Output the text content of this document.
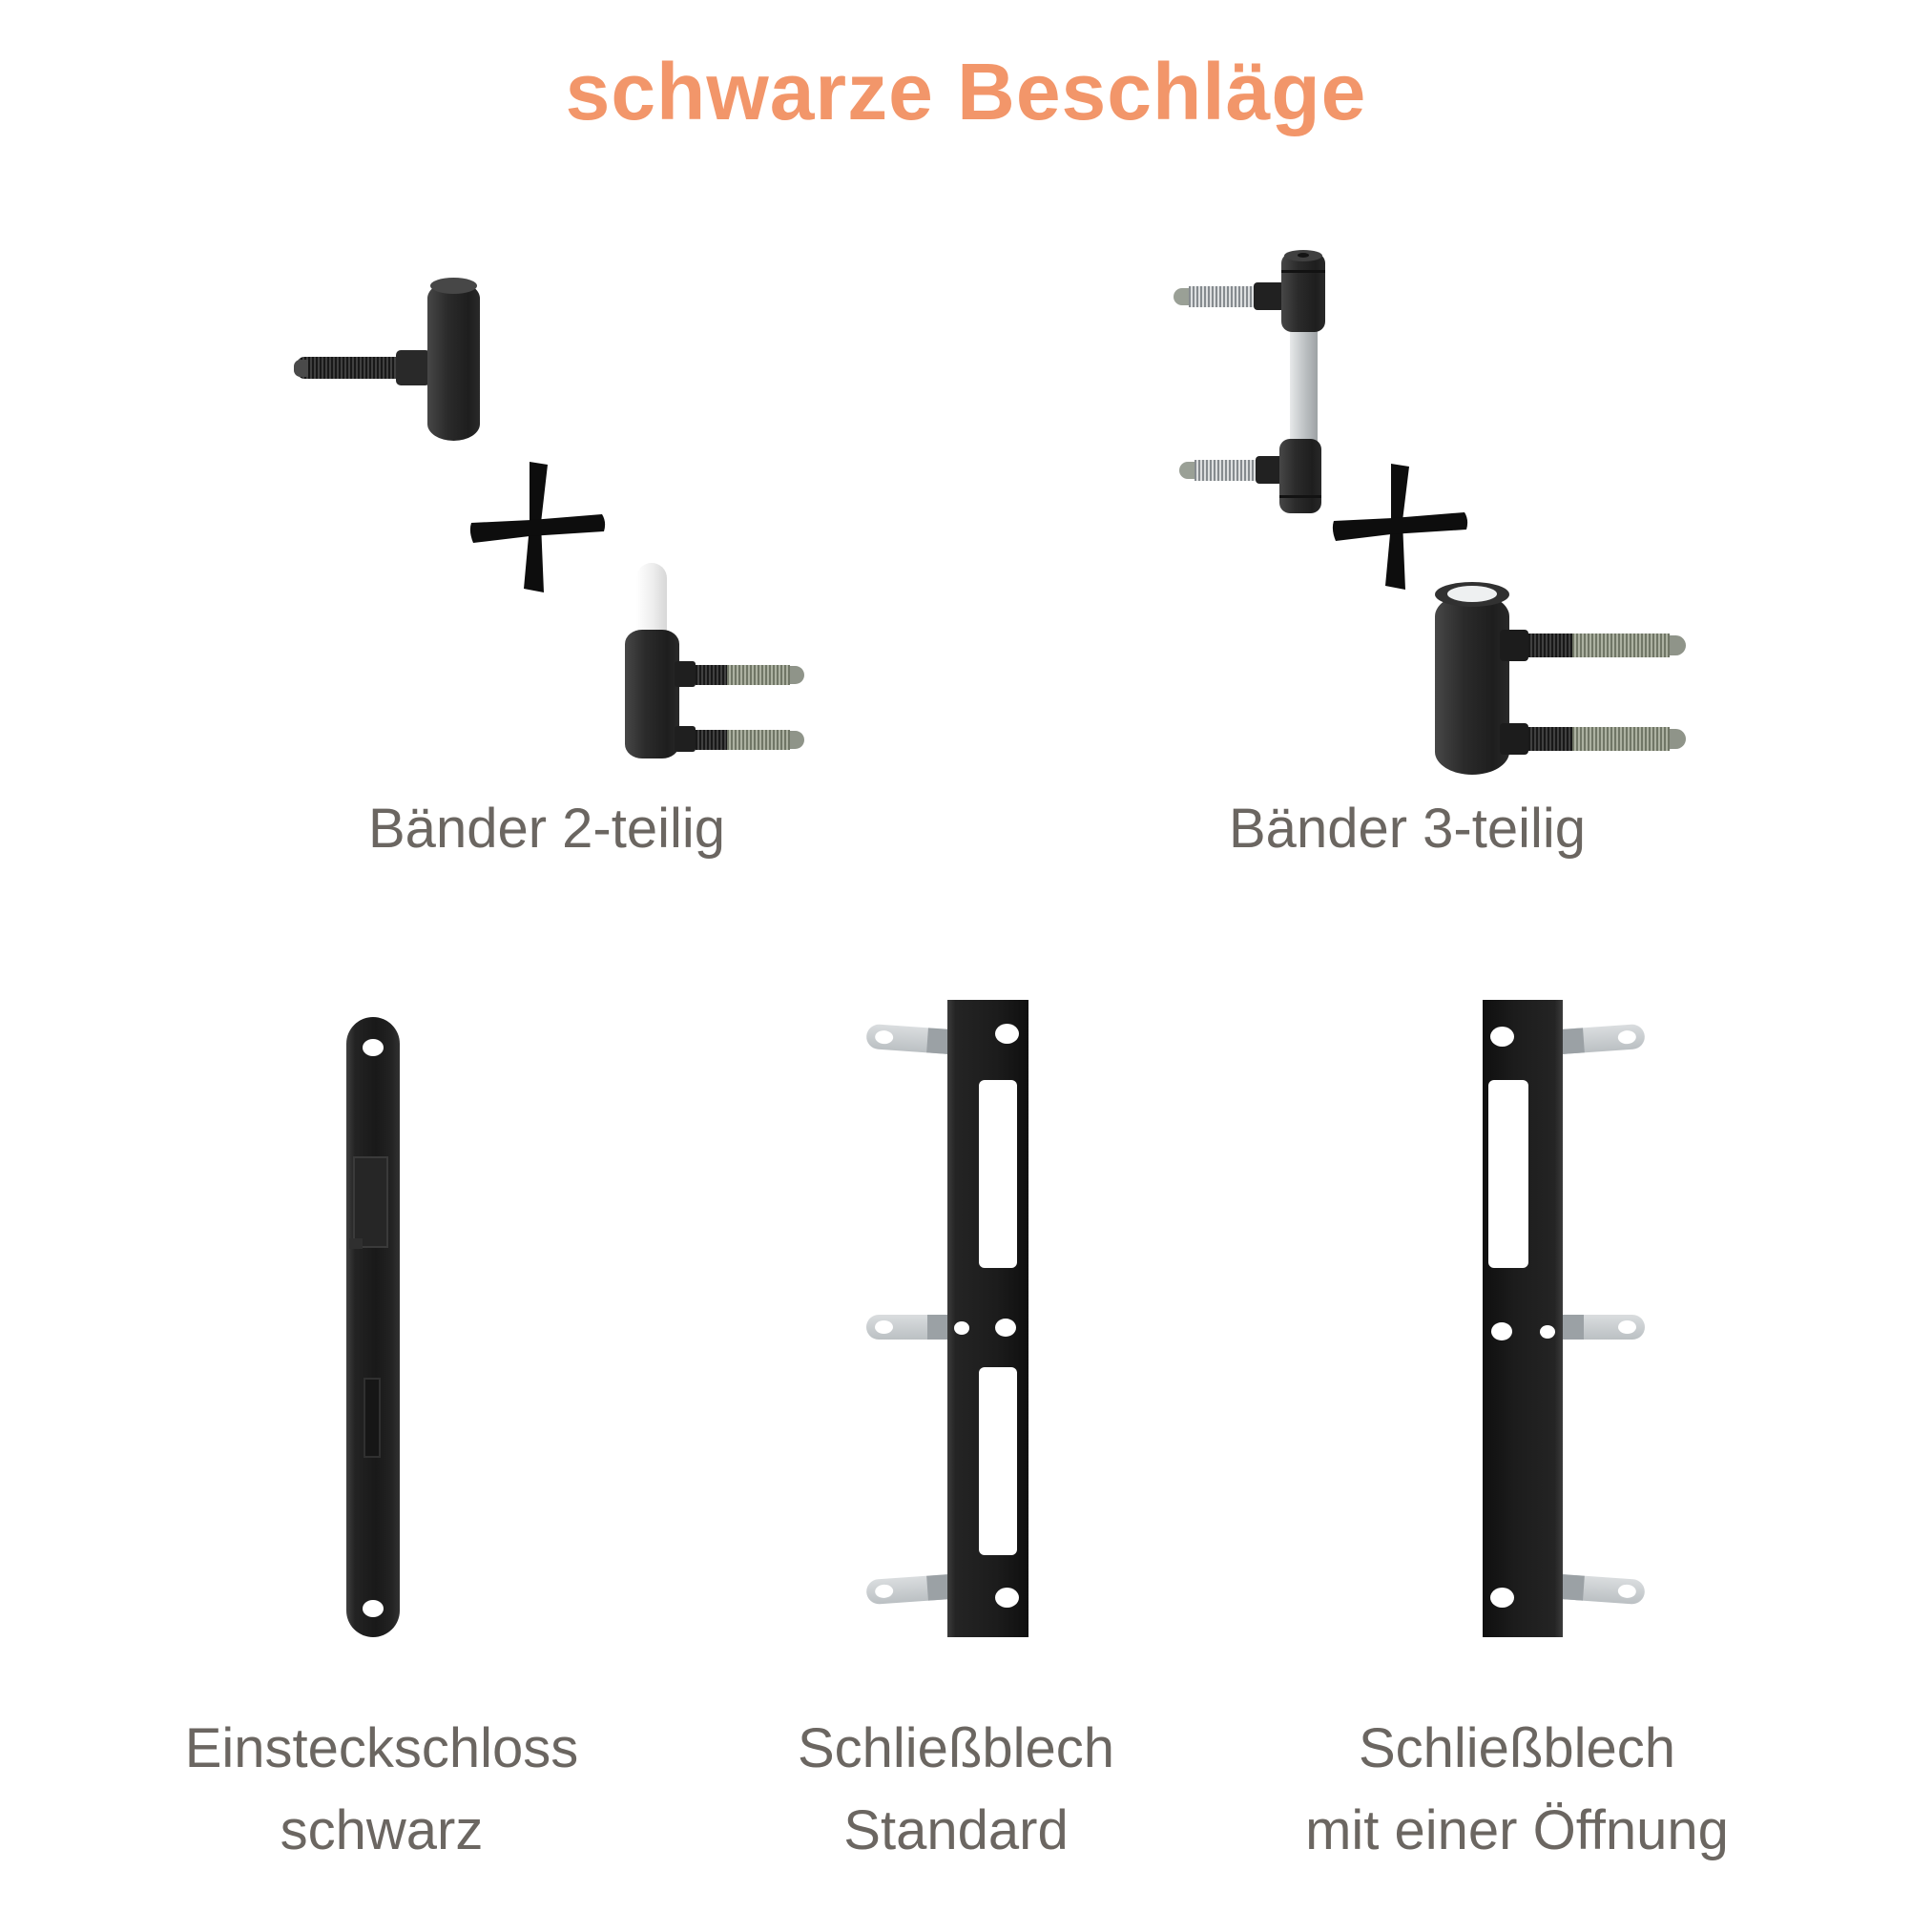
schwarze Beschläge
Bänder 2-teilig	Bänder 3-teilig
Einsteckschloss
schwarz
Schließblech
Standard
Schließblech
mit einer Öffnung
